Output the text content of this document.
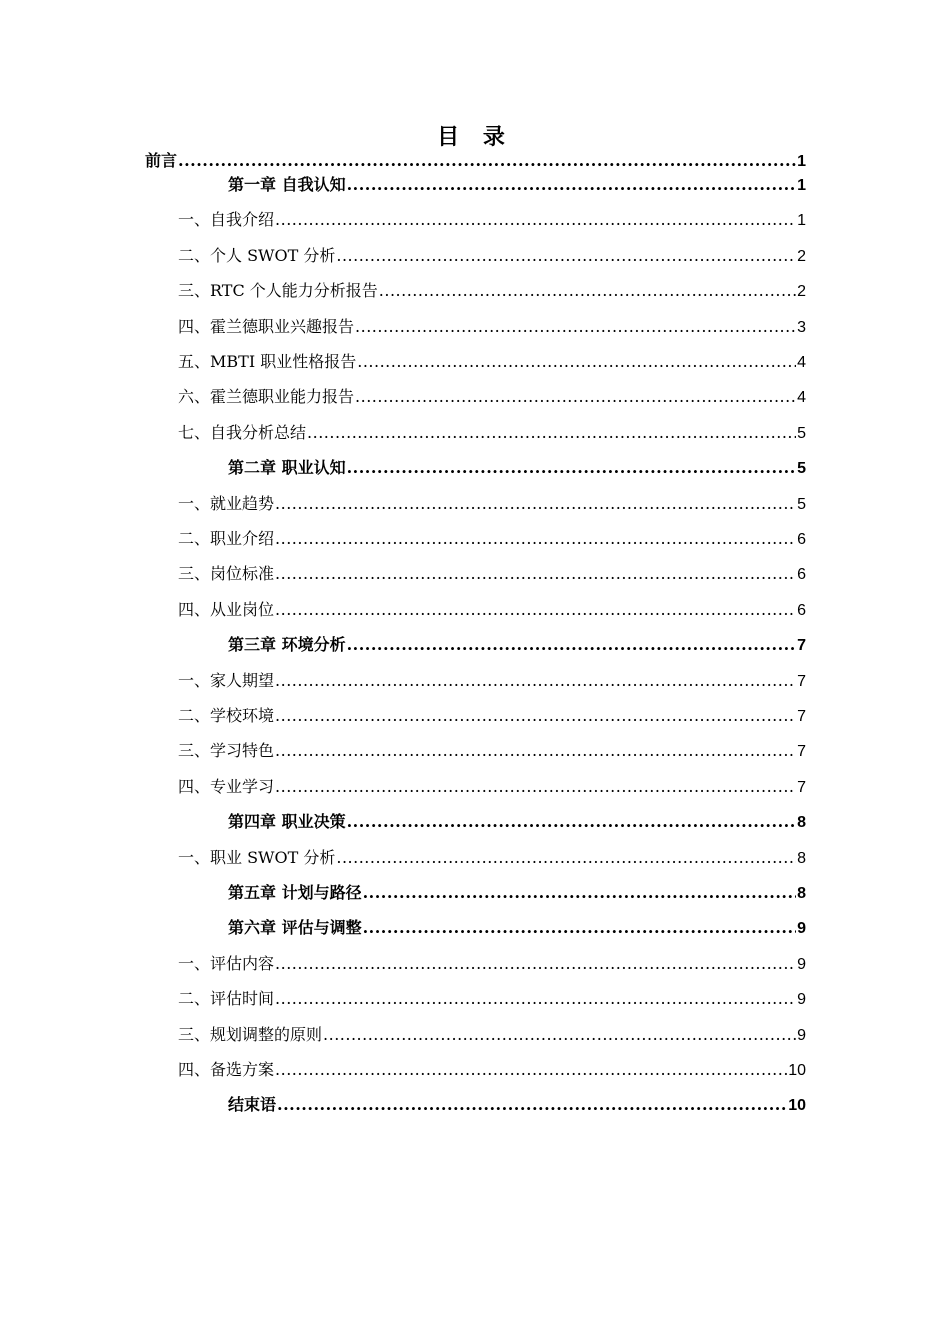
目 录
前言 .....	1
第一章 自我认知 .....	1
一、自我介绍 .....	1
二、个人 SWOT 分析 .....	2
三、RTC 个人能力分析报告 .....	2
四、霍兰德职业兴趣报告 .....	3
五、MBTI 职业性格报告 .....	4
六、霍兰德职业能力报告 .....	4
七、自我分析总结 .....	5
第二章 职业认知 .....	5
一、就业趋势 .....	5
二、职业介绍 .....	6
三、岗位标准 .....	6
四、从业岗位 .....	6
第三章 环境分析 .....	7
一、家人期望 .....	7
二、学校环境 .....	7
三、学习特色 .....	7
四、专业学习 .....	7
第四章 职业决策 .....	8
一、职业 SWOT 分析 .....	8
第五章 计划与路径 .....	8
第六章 评估与调整 .....	9
一、评估内容 .....	9
二、评估时间 .....	9
三、规划调整的原则 .....	9
四、备选方案 .....	10
结束语 .....	10
